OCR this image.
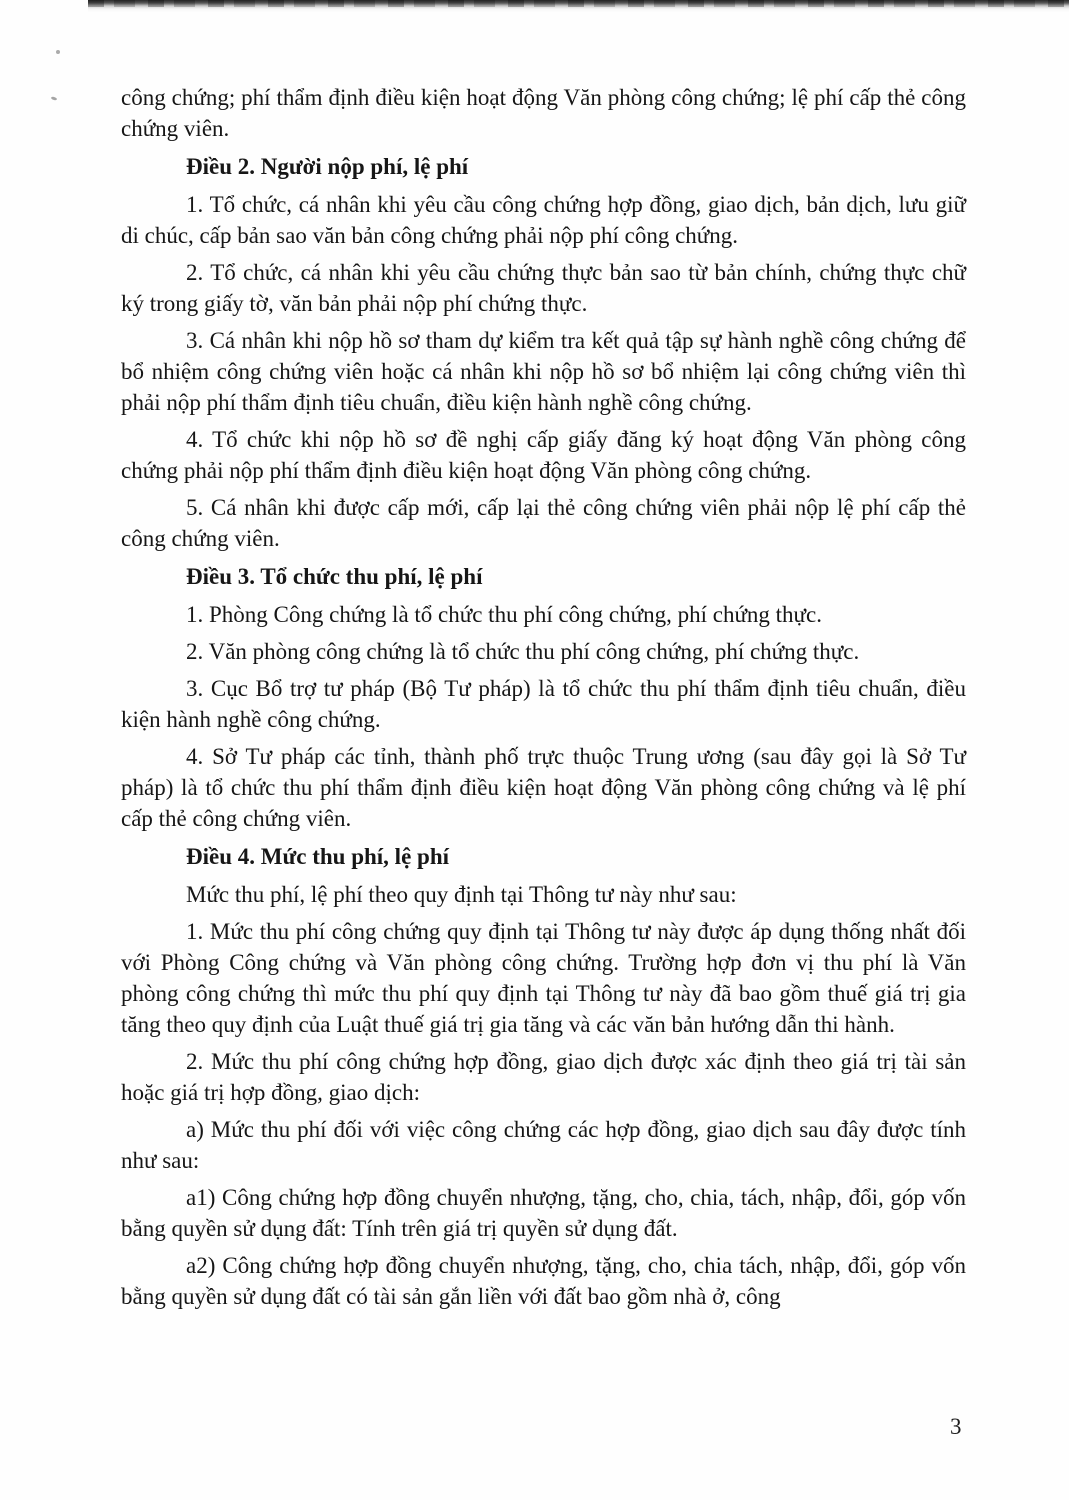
công chứng; phí thẩm định điều kiện hoạt động Văn phòng công chứng; lệ phí cấp thẻ công chứng viên.

Điều 2. Người nộp phí, lệ phí

1. Tổ chức, cá nhân khi yêu cầu công chứng hợp đồng, giao dịch, bản dịch, lưu giữ di chúc, cấp bản sao văn bản công chứng phải nộp phí công chứng.

2. Tổ chức, cá nhân khi yêu cầu chứng thực bản sao từ bản chính, chứng thực chữ ký trong giấy tờ, văn bản phải nộp phí chứng thực.

3. Cá nhân khi nộp hồ sơ tham dự kiểm tra kết quả tập sự hành nghề công chứng để bổ nhiệm công chứng viên hoặc cá nhân khi nộp hồ sơ bổ nhiệm lại công chứng viên thì phải nộp phí thẩm định tiêu chuẩn, điều kiện hành nghề công chứng.

4. Tổ chức khi nộp hồ sơ đề nghị cấp giấy đăng ký hoạt động Văn phòng công chứng phải nộp phí thẩm định điều kiện hoạt động Văn phòng công chứng.

5. Cá nhân khi được cấp mới, cấp lại thẻ công chứng viên phải nộp lệ phí cấp thẻ công chứng viên.

Điều 3. Tổ chức thu phí, lệ phí

1. Phòng Công chứng là tổ chức thu phí công chứng, phí chứng thực.

2. Văn phòng công chứng là tổ chức thu phí công chứng, phí chứng thực.

3. Cục Bổ trợ tư pháp (Bộ Tư pháp) là tổ chức thu phí thẩm định tiêu chuẩn, điều kiện hành nghề công chứng.

4. Sở Tư pháp các tỉnh, thành phố trực thuộc Trung ương (sau đây gọi là Sở Tư pháp) là tổ chức thu phí thẩm định điều kiện hoạt động Văn phòng công chứng và lệ phí cấp thẻ công chứng viên.

Điều 4. Mức thu phí, lệ phí

Mức thu phí, lệ phí theo quy định tại Thông tư này như sau:

1. Mức thu phí công chứng quy định tại Thông tư này được áp dụng thống nhất đối với Phòng Công chứng và Văn phòng công chứng. Trường hợp đơn vị thu phí là Văn phòng công chứng thì mức thu phí quy định tại Thông tư này đã bao gồm thuế giá trị gia tăng theo quy định của Luật thuế giá trị gia tăng và các văn bản hướng dẫn thi hành.

2. Mức thu phí công chứng hợp đồng, giao dịch được xác định theo giá trị tài sản hoặc giá trị hợp đồng, giao dịch:

a) Mức thu phí đối với việc công chứng các hợp đồng, giao dịch sau đây được tính như sau:

a1) Công chứng hợp đồng chuyển nhượng, tặng, cho, chia, tách, nhập, đổi, góp vốn bằng quyền sử dụng đất: Tính trên giá trị quyền sử dụng đất.

a2) Công chứng hợp đồng chuyển nhượng, tặng, cho, chia tách, nhập, đổi, góp vốn bằng quyền sử dụng đất có tài sản gắn liền với đất bao gồm nhà ở, công

3
